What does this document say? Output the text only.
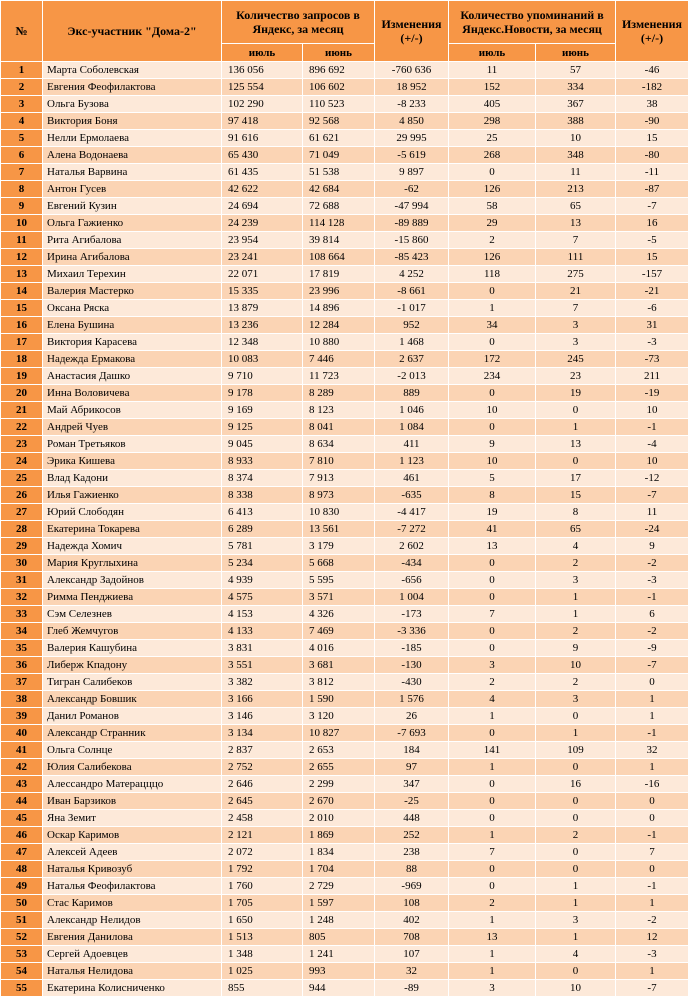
№	Экс-участник "Дома-2"	Количество запросов в Яндекс, за месяц		Изменения (+/-)	Количество упоминаний в Яндекс.Новости, за месяц		Изменения (+/-)
		июль	июнь		июль	июнь	
1	Марта Соболевская	136 056	896 692	-760 636	11	57	-46
2	Евгения Феофилактова	125 554	106 602	18 952	152	334	-182
3	Ольга Бузова	102 290	110 523	-8 233	405	367	38
4	Виктория Боня	97 418	92 568	4 850	298	388	-90
5	Нелли Ермолаева	91 616	61 621	29 995	25	10	15
6	Алена Водонаева	65 430	71 049	-5 619	268	348	-80
7	Наталья Варвина	61 435	51 538	9 897	0	11	-11
8	Антон Гусев	42 622	42 684	-62	126	213	-87
9	Евгений Кузин	24 694	72 688	-47 994	58	65	-7
10	Ольга Гажиенко	24 239	114 128	-89 889	29	13	16
11	Рита Агибалова	23 954	39 814	-15 860	2	7	-5
12	Ирина Агибалова	23 241	108 664	-85 423	126	111	15
13	Михаил Терехин	22 071	17 819	4 252	118	275	-157
14	Валерия Мастерко	15 335	23 996	-8 661	0	21	-21
15	Оксана Ряска	13 879	14 896	-1 017	1	7	-6
16	Елена Бушина	13 236	12 284	952	34	3	31
17	Виктория Карасева	12 348	10 880	1 468	0	3	-3
18	Надежда Ермакова	10 083	7 446	2 637	172	245	-73
19	Анастасия Дашко	9 710	11 723	-2 013	234	23	211
20	Инна Воловичева	9 178	8 289	889	0	19	-19
21	Май Абрикосов	9 169	8 123	1 046	10	0	10
22	Андрей Чуев	9 125	8 041	1 084	0	1	-1
23	Роман Третьяков	9 045	8 634	411	9	13	-4
24	Эрика Кишева	8 933	7 810	1 123	10	0	10
25	Влад Кадони	8 374	7 913	461	5	17	-12
26	Илья Гажиенко	8 338	8 973	-635	8	15	-7
27	Юрий Слободян	6 413	10 830	-4 417	19	8	11
28	Екатерина Токарева	6 289	13 561	-7 272	41	65	-24
29	Надежда Хомич	5 781	3 179	2 602	13	4	9
30	Мария Круглыхина	5 234	5 668	-434	0	2	-2
31	Александр Задойнов	4 939	5 595	-656	0	3	-3
32	Римма Пенджиева	4 575	3 571	1 004	0	1	-1
33	Сэм Селезнев	4 153	4 326	-173	7	1	6
34	Глеб Жемчугов	4 133	7 469	-3 336	0	2	-2
35	Валерия Кашубина	3 831	4 016	-185	0	9	-9
36	Либерж Кпадону	3 551	3 681	-130	3	10	-7
37	Тигран Салибеков	3 382	3 812	-430	2	2	0
38	Александр Бовшик	3 166	1 590	1 576	4	3	1
39	Данил Романов	3 146	3 120	26	1	0	1
40	Александр Странник	3 134	10 827	-7 693	0	1	-1
41	Ольга Солнце	2 837	2 653	184	141	109	32
42	Юлия Салибекова	2 752	2 655	97	1	0	1
43	Алессандро Матерацццо	2 646	2 299	347	0	16	-16
44	Иван Барзиков	2 645	2 670	-25	0	0	0
45	Яна Земит	2 458	2 010	448	0	0	0
46	Оскар Каримов	2 121	1 869	252	1	2	-1
47	Алексей Адеев	2 072	1 834	238	7	0	7
48	Наталья Кривозуб	1 792	1 704	88	0	0	0
49	Наталья Феофилактова	1 760	2 729	-969	0	1	-1
50	Стас Каримов	1 705	1 597	108	2	1	1
51	Александр Нелидов	1 650	1 248	402	1	3	-2
52	Евгения Данилова	1 513	805	708	13	1	12
53	Сергей Адоевцев	1 348	1 241	107	1	4	-3
54	Наталья Нелидова	1 025	993	32	1	0	1
55	Екатерина Колисниченко	855	944	-89	3	10	-7
